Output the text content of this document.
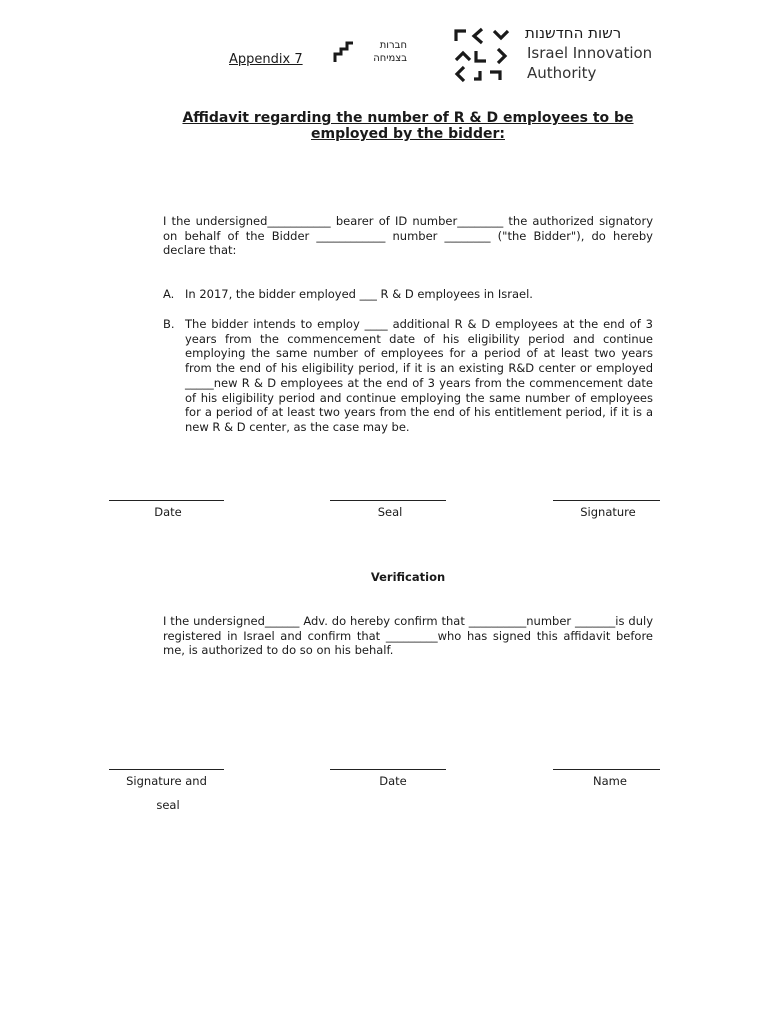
Appendix 7
חברות
בצמיחה
רשות החדשנות
Israel Innovation
Authority
Affidavit regarding the number of R & D employees to be employed by the bidder:
I the undersigned___________ bearer of ID number________ the authorized signatory on behalf of the Bidder ____________ number ________ ("the Bidder"), do hereby declare that:
A. In 2017, the bidder employed ___ R & D employees in Israel.
B. The bidder intends to employ ____ additional R & D employees at the end of 3 years from the commencement date of his eligibility period and continue employing the same number of employees for a period of at least two years from the end of his eligibility period, if it is an existing R&D center or employed _____new R & D employees at the end of 3 years from the commencement date of his eligibility period and continue employing the same number of employees for a period of at least two years from the end of his entitlement period, if it is a new R & D center, as the case may be.
Date	Seal	Signature
Verification
I the undersigned______ Adv. do hereby confirm that __________number _______is duly registered in Israel and confirm that _________who has signed this affidavit before me, is authorized to do so on his behalf.
Signature and	Date	Name
seal
